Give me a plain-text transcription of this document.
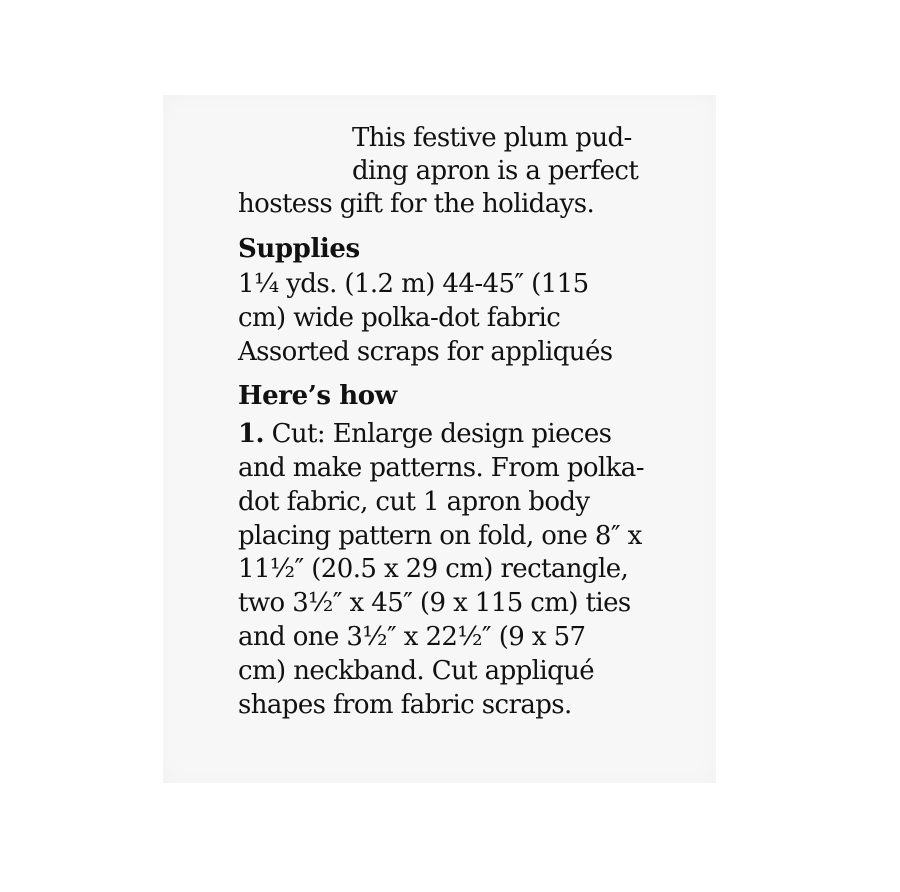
This festive plum pud-
ding apron is a perfect
hostess gift for the holidays.
Supplies
1¼ yds. (1.2 m) 44-45″ (115
cm) wide polka-dot fabric
Assorted scraps for appliqués
Here’s how
1. Cut: Enlarge design pieces
and make patterns. From polka-
dot fabric, cut 1 apron body
placing pattern on fold, one 8″ x
11½″ (20.5 x 29 cm) rectangle,
two 3½″ x 45″ (9 x 115 cm) ties
and one 3½″ x 22½″ (9 x 57
cm) neckband. Cut appliqué
shapes from fabric scraps.
